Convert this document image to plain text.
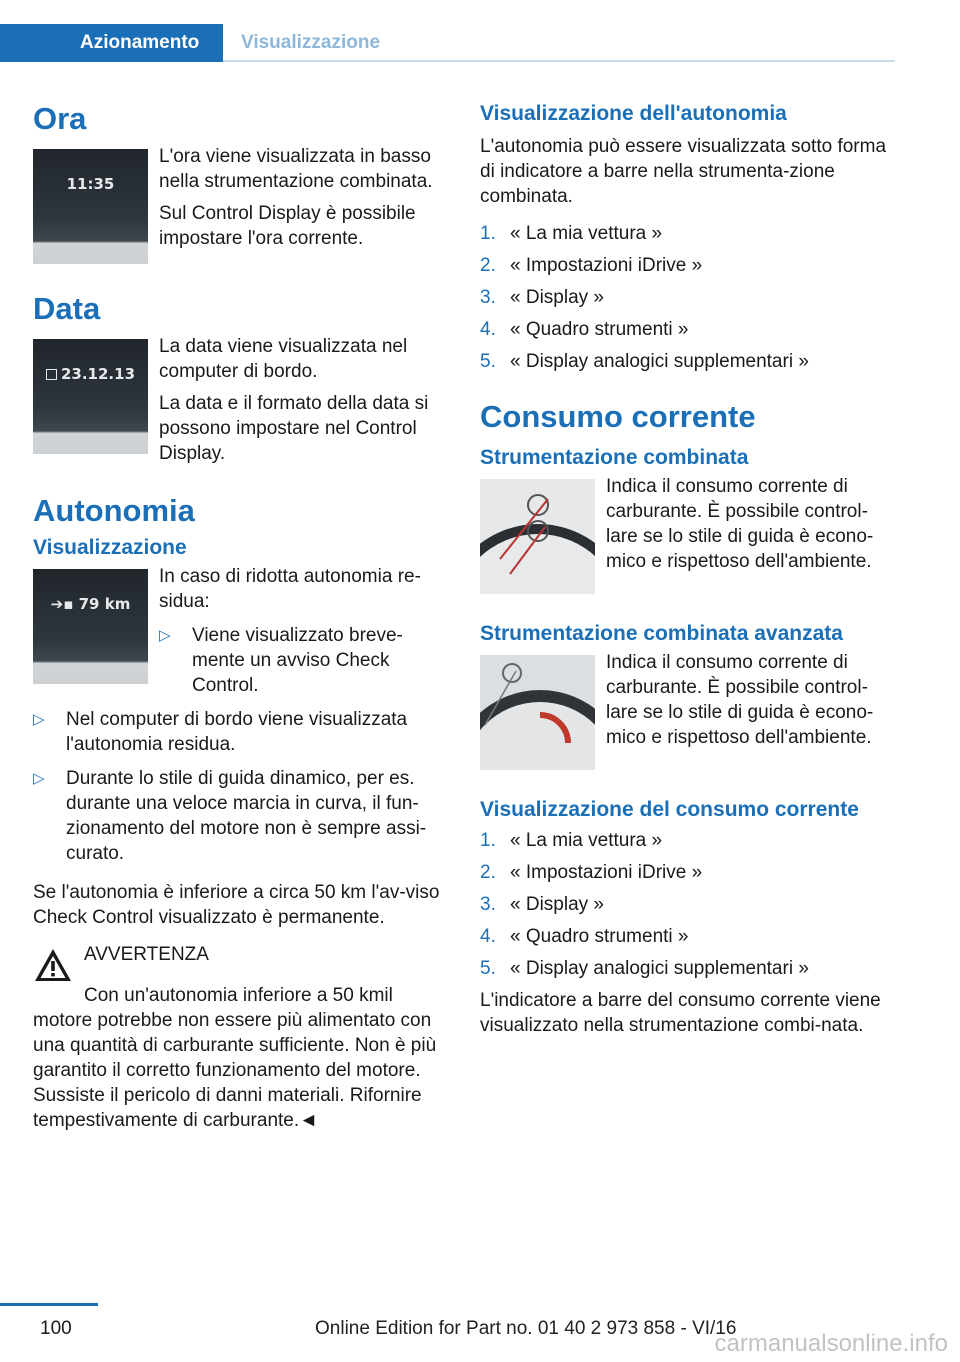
Azionamento	Visualizzazione
Ora
11:35

L'ora viene visualizzata in basso nella strumentazione combinata.

Sul Control Display è possibile impostare l'ora corrente.

Data
23.12.13

La data viene visualizzata nel computer di bordo.

La data e il formato della data si possono impostare nel Control Display.

Autonomia
Visualizzazione
➔▪ 79 km

In caso di ridotta autonomia re-sidua:

▷ Viene visualizzato breve-mente un avviso Check Control.
▷ Nel computer di bordo viene visualizzata l'autonomia residua.
▷ Durante lo stile di guida dinamico, per es. durante una veloce marcia in curva, il fun-zionamento del motore non è sempre assi-curato.

Se l'autonomia è inferiore a circa 50 km l'av-viso Check Control visualizzato è permanente.

AVVERTENZA

Con un'autonomia inferiore a 50 kmil motore potrebbe non essere più alimentato con una quantità di carburante sufficiente. Non è più garantito il corretto funzionamento del motore. Sussiste il pericolo di danni materiali. Rifornire tempestivamente di carburante.◄

Visualizzazione dell'autonomia

L'autonomia può essere visualizzata sotto forma di indicatore a barre nella strumenta-zione combinata.

1. « La mia vettura »
2. « Impostazioni iDrive »
3. « Display »
4. « Quadro strumenti »
5. « Display analogici supplementari »
Consumo corrente
Strumentazione combinata

Indica il consumo corrente di carburante. È possibile control-lare se lo stile di guida è econo-mico e rispettoso dell'ambiente.

Strumentazione combinata avanzata

Indica il consumo corrente di carburante. È possibile control-lare se lo stile di guida è econo-mico e rispettoso dell'ambiente.

Visualizzazione del consumo corrente
1. « La mia vettura »
2. « Impostazioni iDrive »
3. « Display »
4. « Quadro strumenti »
5. « Display analogici supplementari »

L'indicatore a barre del consumo corrente viene visualizzato nella strumentazione combi-nata.

100	Online Edition for Part no. 01 40 2 973 858 - VI/16
carmanualsonline.info
